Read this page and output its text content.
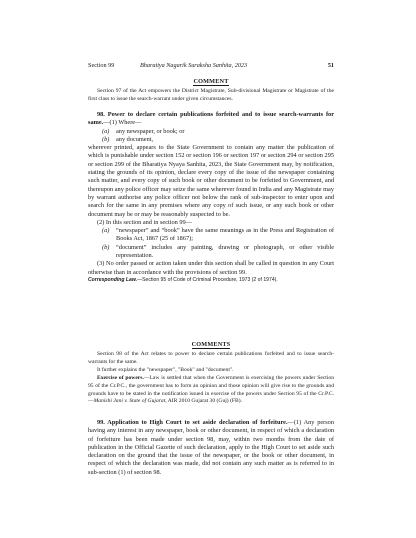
Section 99	Bharatiya Nagarik Suraksha Sanhita, 2023	51
COMMENT

Section 97 of the Act empowers the District Magistrate, Sub-divisional Magistrate or Magistrate of the first class to issue the search-warrant under given circumstances.

98. Power to declare certain publications forfeited and to issue search-warrants for same.—(1) Where—

(a) any newspaper, or book; or

(b) any document,

wherever printed, appears to the State Government to contain any matter the publication of which is punishable under section 152 or section 196 or section 197 or section 294 or section 295 or section 299 of the Bharatiya Nyaya Sanhita, 2023, the State Government may, by notification, stating the grounds of its opinion, declare every copy of the issue of the newspaper containing such matter, and every copy of such book or other document to be forfeited to Government, and thereupon any police officer may seize the same wherever found in India and any Magistrate may by warrant authorise any police officer not below the rank of sub-inspector to enter upon and search for the same in any premises where any copy of such issue, or any such book or other document may be or may be reasonably suspected to be.

(2) In this section and in section 99—

(a) “newspaper” and “book” have the same meanings as in the Press and Registration of Books Act, 1867 (25 of 1867);

(b) “document” includes any painting, drawing or photograph, or other visible representation.

(3) No order passed or action taken under this section shall be called in question in any Court otherwise than in accordance with the provisions of section 99.

Corresponding Law.—Section 95 of Code of Criminal Procedure, 1973 (2 of 1974).

COMMENTS

Section 98 of the Act relates to power to declare certain publications forfeited and to issue search-warrants for the same.

It further explains the "newspaper", "Book" and "document".

Exercise of powers.—Law is settled that when the Government is exercising the powers under Section 95 of the Cr.P.C., the government has to form an opinion and those opinion will give rise to the grounds and grounds have to be stated in the notification issued in exercise of the powers under Section 95 of the Cr.P.C.—Manishi Jani v. State of Gujarat, AIR 2010 Gujarat 30 (Guj) (FB).

99. Application to High Court to set aside declaration of forfeiture.—(1) Any person having any interest in any newspaper, book or other document, in respect of which a declaration of forfeiture has been made under section 98, may, within two months from the date of publication in the Official Gazette of such declaration, apply to the High Court to set aside such declaration on the ground that the issue of the newspaper, or the book or other document, in respect of which the declaration was made, did not contain any such matter as is referred to in sub-section (1) of section 98.
